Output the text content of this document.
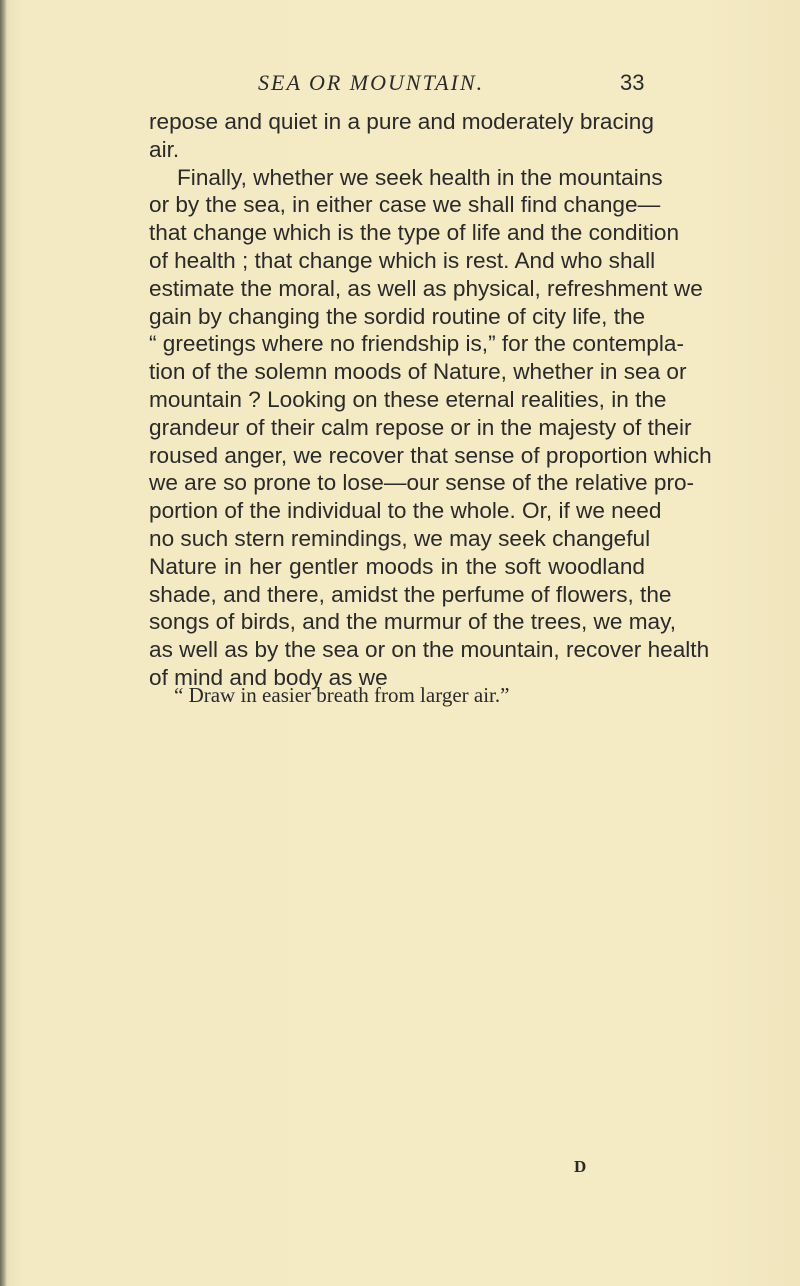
SEA OR MOUNTAIN.	33
repose and quiet in a pure and moderately bracing
air.
Finally, whether we seek health in the mountains
or by the sea, in either case we shall find change—
that change which is the type of life and the condition
of health ; that change which is rest. And who shall
estimate the moral, as well as physical, refreshment we
gain by changing the sordid routine of city life, the
“ greetings where no friendship is,” for the contempla-
tion of the solemn moods of Nature, whether in sea or
mountain ? Looking on these eternal realities, in the
grandeur of their calm repose or in the majesty of their
roused anger, we recover that sense of proportion which
we are so prone to lose—our sense of the relative pro-
portion of the individual to the whole. Or, if we need
no such stern remindings, we may seek changeful
Nature in her gentler moods in the soft woodland
shade, and there, amidst the perfume of flowers, the
songs of birds, and the murmur of the trees, we may,
as well as by the sea or on the mountain, recover health
of mind and body as we
“ Draw in easier breath from larger air.”
D
